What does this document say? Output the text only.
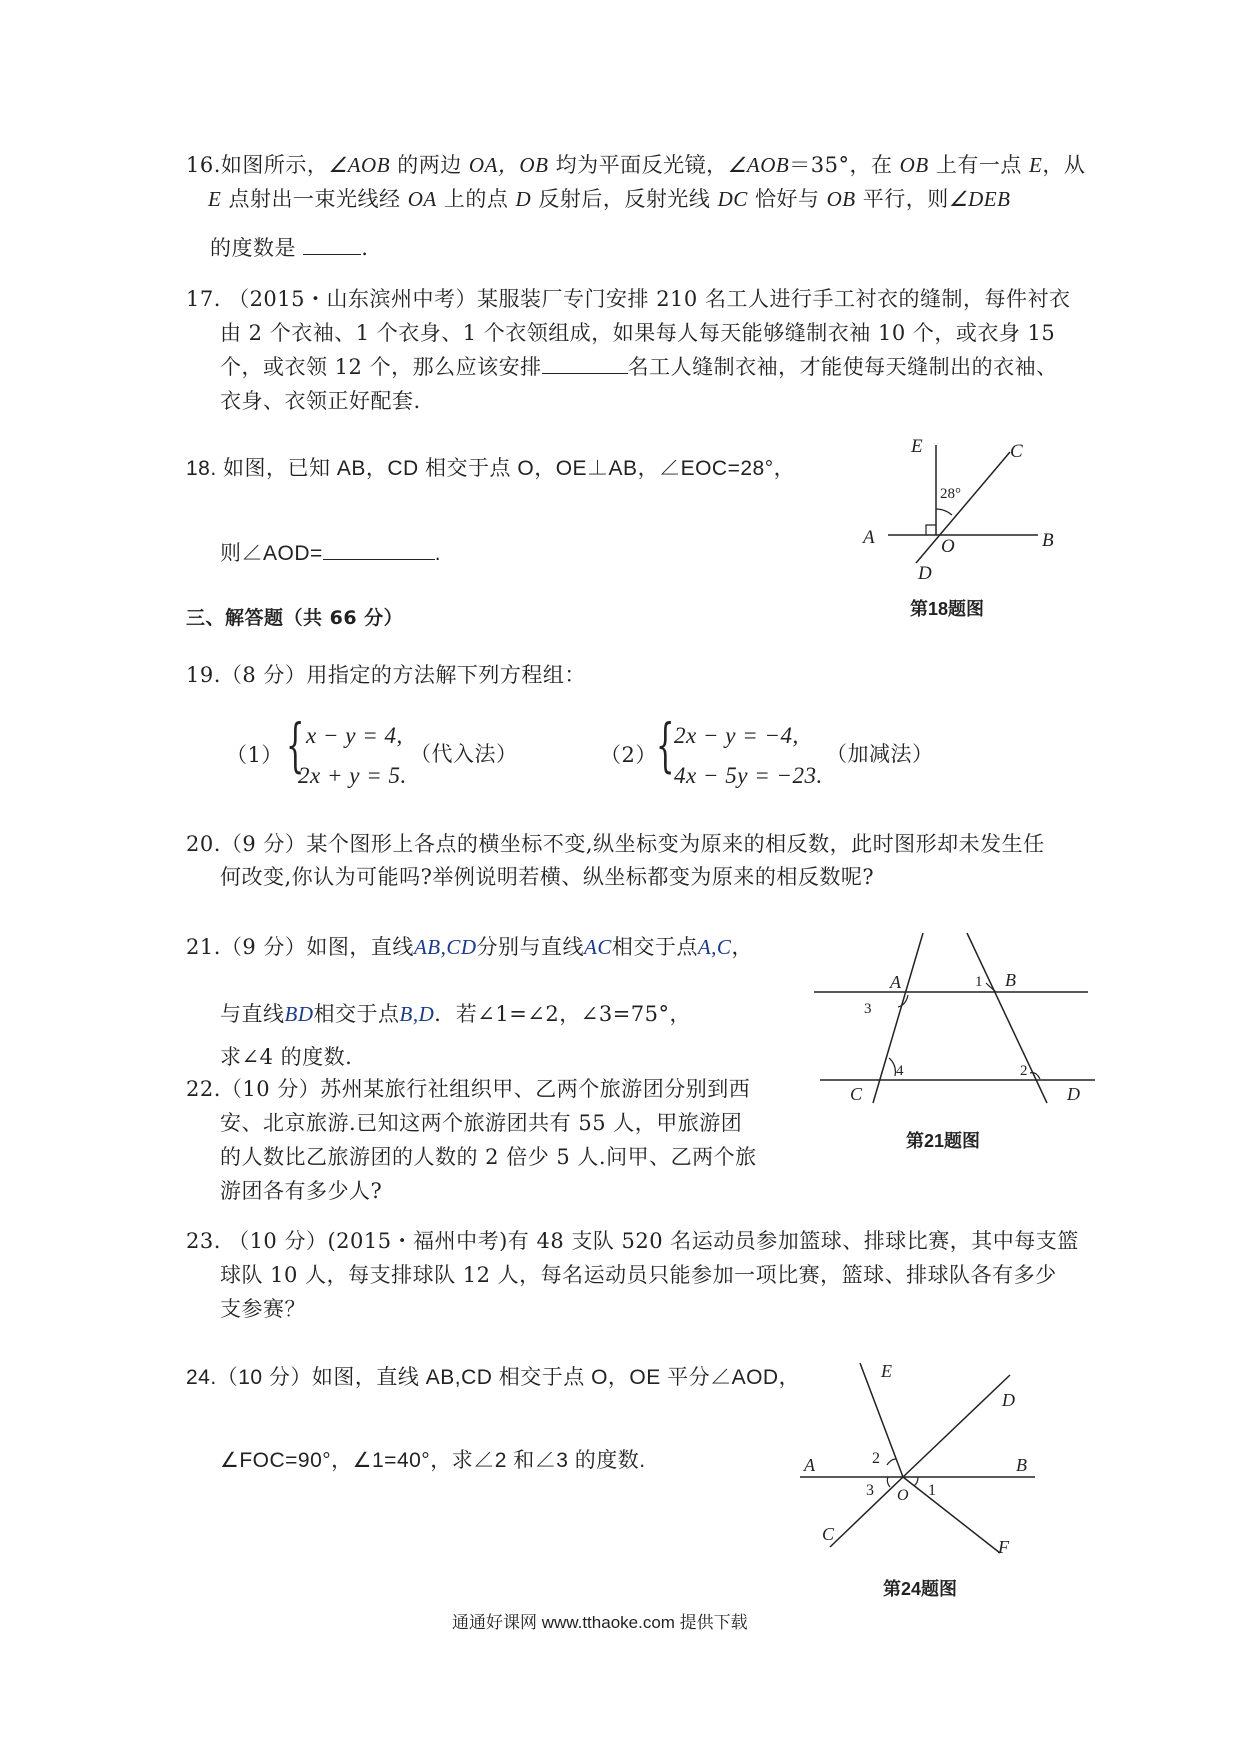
16.如图所示，∠AOB 的两边 OA，OB 均为平面反光镜，∠AOB＝35°，在 OB 上有一点 E，从
E 点射出一束光线经 OA 上的点 D 反射后，反射光线 DC 恰好与 OB 平行，则∠DEB
的度数是	.
17. （2015・山东滨州中考）某服装厂专门安排 210 名工人进行手工衬衣的缝制，每件衬衣
由 2 个衣袖、1 个衣身、1 个衣领组成，如果每人每天能够缝制衣袖 10 个，或衣身 15
个，或衣领 12 个，那么应该安排	名工人缝制衣袖，才能使每天缝制出的衣袖、
衣身、衣领正好配套.
18. 如图，已知 AB，CD 相交于点 O，OE⊥AB，∠EOC=28°，
则∠AOD=	.
E	C
28°
A	O	B
D
第18题图
三、解答题（共 66 分）
19.（8 分）用指定的方法解下列方程组：
（1） { x − y = 4,
2x + y = 5.
（代入法）	（2） { 2x − y = −4,
4x − 5y = −23.
（加减法）
20.（9 分）某个图形上各点的横坐标不变,纵坐标变为原来的相反数，此时图形却未发生任
何改变,你认为可能吗?举例说明若横、纵坐标都变为原来的相反数呢?
21.（9 分）如图，直线AB,CD分别与直线AC相交于点A,C，
与直线BD相交于点B,D．若∠1=∠2，∠3=75°，
求∠4 的度数.
A	B
1
3
4	2
C	D
第21题图
22.（10 分）苏州某旅行社组织甲、乙两个旅游团分别到西
安、北京旅游.已知这两个旅游团共有 55 人，甲旅游团
的人数比乙旅游团的人数的 2 倍少 5 人.问甲、乙两个旅
游团各有多少人?
23. （10 分）(2015・福州中考)有 48 支队 520 名运动员参加篮球、排球比赛，其中每支篮
球队 10 人，每支排球队 12 人，每名运动员只能参加一项比赛，篮球、排球队各有多少
支参赛？
24.（10 分）如图，直线 AB,CD 相交于点 O，OE 平分∠AOD，
∠FOC=90°，∠1=40°，求∠2 和∠3 的度数.
E
D
A	B
2
3 O 1
C
F
第24题图
通通好课网 www.tthaoke.com 提供下载
